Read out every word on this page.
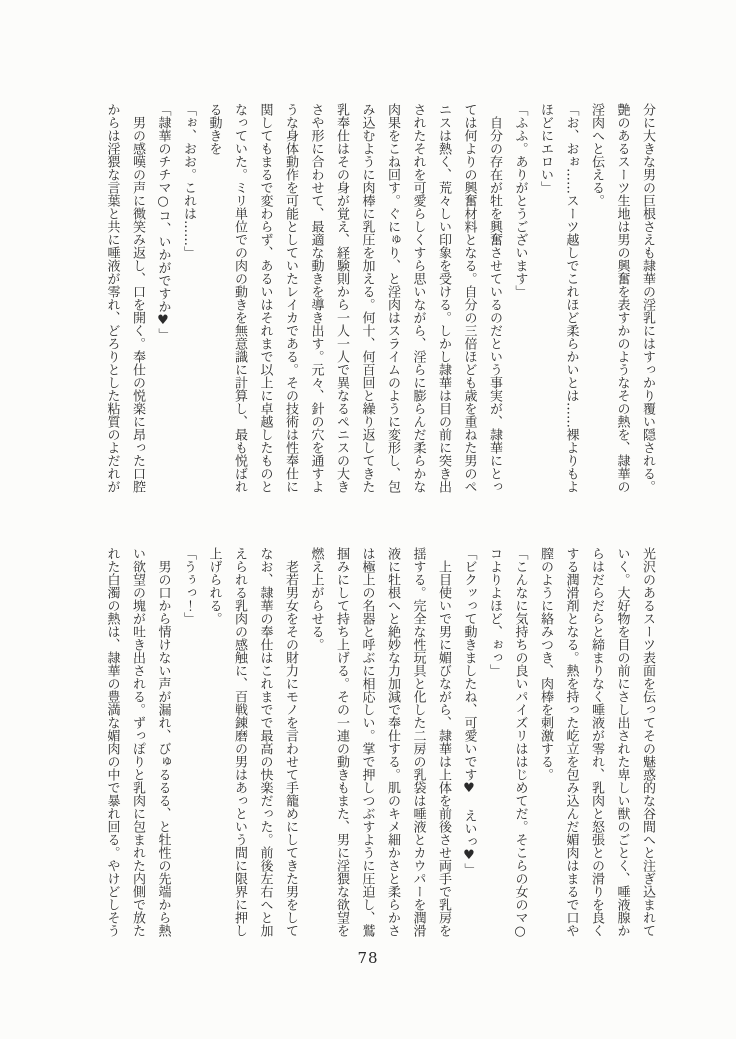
分に大きな男の巨根さえも隷華の淫乳にはすっかり覆い隠される。

艶のあるスーツ生地は男の興奮を表すかのようなその熱を、隷華の

淫肉へと伝える。

「お、おぉ……スーツ越しでこれほど柔らかいとは……裸よりもよ

ほどにエロい」

「ふふ。ありがとうございます」

自分の存在が牡を興奮させているのだという事実が、隷華にとっ

ては何よりの興奮材料となる。自分の三倍ほども歳を重ねた男のペ

ニスは熱く、荒々しい印象を受ける。しかし隷華は目の前に突き出

されたそれを可愛らしくすら思いながら、淫らに膨らんだ柔らかな

肉果をこね回す。ぐにゅり、と淫肉はスライムのように変形し、包

み込むように肉棒に乳圧を加える。何十、何百回と繰り返してきた

乳奉仕はその身が覚え、経験則から一人一人で異なるペニスの大き

さや形に合わせて、最適な動きを導き出す。元々、針の穴を通すよ

うな身体動作を可能としていたレイカである。その技術は性奉仕に

関してもまるで変わらず、あるいはそれまで以上に卓越したものと

なっていた。ミリ単位での肉の動きを無意識に計算し、最も悦ばれ

る動きを

「ぉ、おお。これは……」

「隷華のチチマ○コ、いかがですか♥」

男の感嘆の声に微笑み返し、口を開く。奉仕の悦楽に昂った口腔

からは淫猥な言葉と共に唾液が零れ、どろりとした粘質のよだれが

光沢のあるスーツ表面を伝ってその魅惑的な谷間へと注ぎ込まれて

いく。大好物を目の前にさし出された卑しい獣のごとく、唾液腺か

らはだらだらと締まりなく唾液が零れ、乳肉と怒張との滑りを良く

する潤滑剤となる。熱を持った屹立を包み込んだ媚肉はまるで口や

膣のように絡みつき、肉棒を刺激する。

「こんなに気持ちの良いパイズリははじめてだ。そこらの女のマ○

コよりよほど、ぉっ」

「ビクッって動きましたね、可愛いです♥　えいっ♥」

上目使いで男に媚びながら、隷華は上体を前後させ両手で乳房を

揺する。完全な性玩具と化した二房の乳袋は唾液とカウパーを潤滑

液に牡根へと絶妙な力加減で奉仕する。肌のキメ細かさと柔らかさ

は極上の名器と呼ぶに相応しい。掌で押しつぶすように圧迫し、鷲

掴みにして持ち上げる。その一連の動きもまた、男に淫猥な欲望を

燃え上がらせる。

老若男女をその財力にモノを言わせて手籠めにしてきた男をして

なお、隷華の奉仕はこれまでで最高の快楽だった。前後左右へと加

えられる乳肉の感触に、百戦錬磨の男はあっという間に限界に押し

上げられる。

「うぅっ！」

男の口から情けない声が漏れ、びゅるるる、と牡性の先端から熱

い欲望の塊が吐き出される。ずっぽりと乳肉に包まれた内側で放た

れた白濁の熱は、隷華の豊満な媚肉の中で暴れ回る。やけどしそう

78
